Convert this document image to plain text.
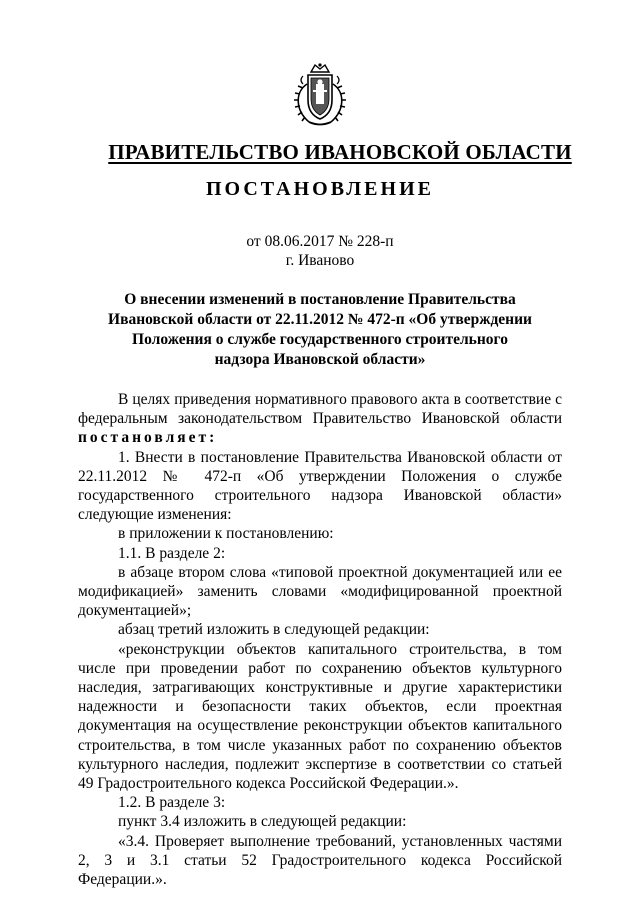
ПРАВИТЕЛЬСТВО ИВАНОВСКОЙ ОБЛАСТИ
ПОСТАНОВЛЕНИЕ
от 08.06.2017 № 228-п
г. Иваново
О внесении изменений в постановление Правительства
Ивановской области от 22.11.2012 № 472-п «Об утверждении
Положения о службе государственного строительного
надзора Ивановской области»
В целях приведения нормативного правового акта в соответствие с федеральным законодательством Правительство Ивановской области
постановляет:
1. Внести в постановление Правительства Ивановской области от 22.11.2012 № 472-п «Об утверждении Положения о службе государственного строительного надзора Ивановской области» следующие изменения:
в приложении к постановлению:
1.1. В разделе 2:
в абзаце втором слова «типовой проектной документацией или ее модификацией» заменить словами «модифицированной проектной документацией»;
абзац третий изложить в следующей редакции:
«реконструкции объектов капитального строительства, в том числе при проведении работ по сохранению объектов культурного наследия, затрагивающих конструктивные и другие характеристики надежности и безопасности таких объектов, если проектная документация на осуществление реконструкции объектов капитального строительства, в том числе указанных работ по сохранению объектов культурного наследия, подлежит экспертизе в соответствии со статьей 49 Градостроительного кодекса Российской Федерации.».
1.2. В разделе 3:
пункт 3.4 изложить в следующей редакции:
«3.4. Проверяет выполнение требований, установленных частями 2, 3 и 3.1 статьи 52 Градостроительного кодекса Российской Федерации.».
